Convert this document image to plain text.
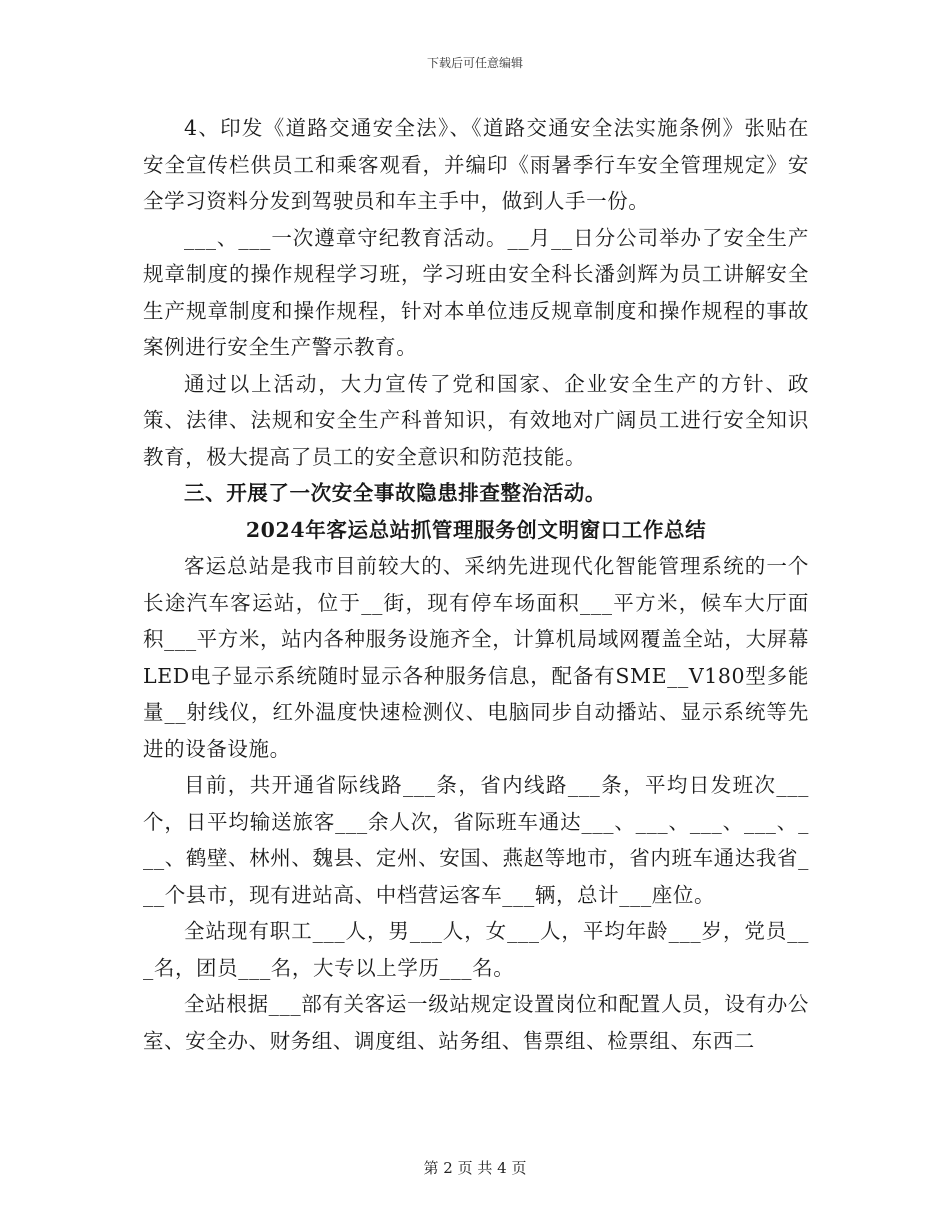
下载后可任意编辑

4、印发《道路交通安全法》、《道路交通安全法实施条例》张贴在安全宣传栏供员工和乘客观看，并编印《雨暑季行车安全管理规定》安全学习资料分发到驾驶员和车主手中，做到人手一份。

___、___一次遵章守纪教育活动。__月__日分公司举办了安全生产规章制度的操作规程学习班，学习班由安全科长潘剑辉为员工讲解安全生产规章制度和操作规程，针对本单位违反规章制度和操作规程的事故案例进行安全生产警示教育。

通过以上活动，大力宣传了党和国家、企业安全生产的方针、政策、法律、法规和安全生产科普知识，有效地对广阔员工进行安全知识教育，极大提高了员工的安全意识和防范技能。

三、开展了一次安全事故隐患排查整治活动。

2024年客运总站抓管理服务创文明窗口工作总结

客运总站是我市目前较大的、采纳先进现代化智能管理系统的一个长途汽车客运站，位于__街，现有停车场面积___平方米，候车大厅面积___平方米，站内各种服务设施齐全，计算机局域网覆盖全站，大屏幕LED电子显示系统随时显示各种服务信息，配备有SME__V180型多能量__射线仪，红外温度快速检测仪、电脑同步自动播站、显示系统等先进的设备设施。

目前，共开通省际线路___条，省内线路___条，平均日发班次___个，日平均输送旅客___余人次，省际班车通达___、___、___、___、___、鹤壁、林州、魏县、定州、安国、燕赵等地市，省内班车通达我省___个县市，现有进站高、中档营运客车___辆，总计___座位。

全站现有职工___人，男___人，女___人，平均年龄___岁，党员___名，团员___名，大专以上学历___名。

全站根据___部有关客运一级站规定设置岗位和配置人员，设有办公室、安全办、财务组、调度组、站务组、售票组、检票组、东西二

第 2 页 共 4 页
